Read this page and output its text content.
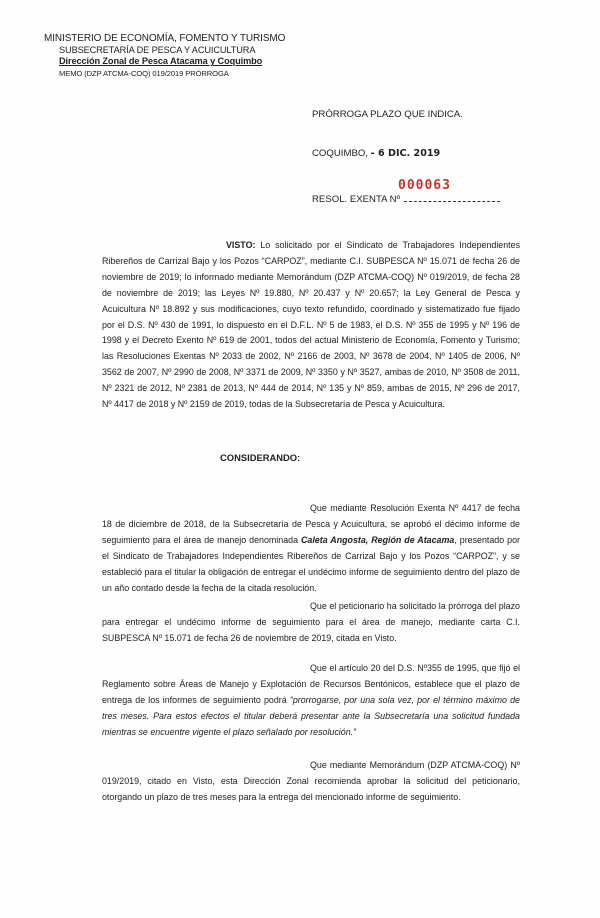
MINISTERIO DE ECONOMÍA, FOMENTO Y TURISMO
SUBSECRETARÍA DE PESCA Y ACUICULTURA
Dirección Zonal de Pesca Atacama y Coquimbo
MEMO (DZP ATCMA-COQ) 019/2019 PRÓRROGA
PRÓRROGA PLAZO QUE INDICA.
COQUIMBO, - 6 DIC. 2019
000063
RESOL. EXENTA Nº

VISTO: Lo solicitado por el Sindicato de Trabajadores Independientes Ribereños de Carrizal Bajo y los Pozos “CARPOZ”, mediante C.I. SUBPESCA Nº 15.071 de fecha 26 de noviembre de 2019; lo informado mediante Memorándum (DZP ATCMA-COQ) Nº 019/2019, de fecha 28 de noviembre de 2019; las Leyes Nº 19.880, Nº 20.437 y Nº 20.657; la Ley General de Pesca y Acuicultura Nº 18.892 y sus modificaciones, cuyo texto refundido, coordinado y sistematizado fue fijado por el D.S. Nº 430 de 1991, lo dispuesto en el D.F.L. Nº 5 de 1983, el D.S. Nº 355 de 1995 y Nº 196 de 1998 y el Decreto Exento Nº 619 de 2001, todos del actual Ministerio de Economía, Fomento y Turismo; las Resoluciones Exentas Nº 2033 de 2002, Nº 2166 de 2003, Nº 3678 de 2004, Nº 1405 de 2006, Nº 3562 de 2007, Nº 2990 de 2008, Nº 3371 de 2009, Nº 3350 y Nº 3527, ambas de 2010, Nº 3508 de 2011, Nº 2321 de 2012, Nº 2381 de 2013, Nº 444 de 2014, Nº 135 y Nº 859, ambas de 2015, Nº 296 de 2017, Nº 4417 de 2018 y Nº 2159 de 2019, todas de la Subsecretaría de Pesca y Acuicultura.

CONSIDERANDO:

Que mediante Resolución Exenta Nº 4417 de fecha 18 de diciembre de 2018, de la Subsecretaría de Pesca y Acuicultura, se aprobó el décimo informe de seguimiento para el área de manejo denominada Caleta Angosta, Región de Atacama, presentado por el Sindicato de Trabajadores Independientes Ribereños de Carrizal Bajo y los Pozos “CARPOZ”, y se estableció para el titular la obligación de entregar el undécimo informe de seguimiento dentro del plazo de un año contado desde la fecha de la citada resolución.

Que el peticionario ha solicitado la prórroga del plazo para entregar el undécimo informe de seguimiento para el área de manejo, mediante carta C.I. SUBPESCA Nº 15.071 de fecha 26 de noviembre de 2019, citada en Visto.

Que el artículo 20 del D.S. Nº355 de 1995, que fijó el Reglamento sobre Áreas de Manejo y Explotación de Recursos Bentónicos, establece que el plazo de entrega de los informes de seguimiento podrá “prorrogarse, por una sola vez, por el término máximo de tres meses. Para estos efectos el titular deberá presentar ante la Subsecretaría una solicitud fundada mientras se encuentre vigente el plazo señalado por resolución.”

Que mediante Memorándum (DZP ATCMA-COQ) Nº 019/2019, citado en Visto, esta Dirección Zonal recomienda aprobar la solicitud del peticionario, otorgando un plazo de tres meses para la entrega del mencionado informe de seguimiento.
